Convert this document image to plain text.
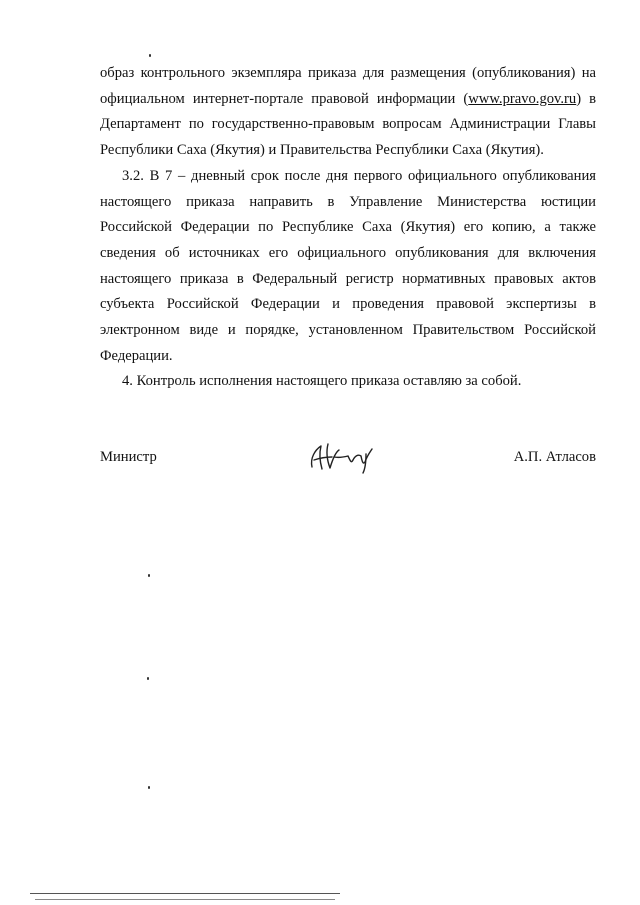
образ контрольного экземпляра приказа для размещения (опубликования) на
официальном интернет-портале правовой информации (www.pravo.gov.ru) в
Департамент по государственно-правовым вопросам Администрации Главы
Республики Саха (Якутия) и Правительства Республики Саха (Якутия).
3.2. В 7 – дневный срок после дня первого официального опубликования
настоящего приказа направить в Управление Министерства юстиции
Российской Федерации по Республике Саха (Якутия) его копию, а также
сведения об источниках его официального опубликования для включения
настоящего приказа в Федеральный регистр нормативных правовых актов
субъекта Российской Федерации и проведения правовой экспертизы в
электронном виде и порядке, установленном Правительством Российской
Федерации.
4. Контроль исполнения настоящего приказа оставляю за собой.
Министр	А.П. Атласов
